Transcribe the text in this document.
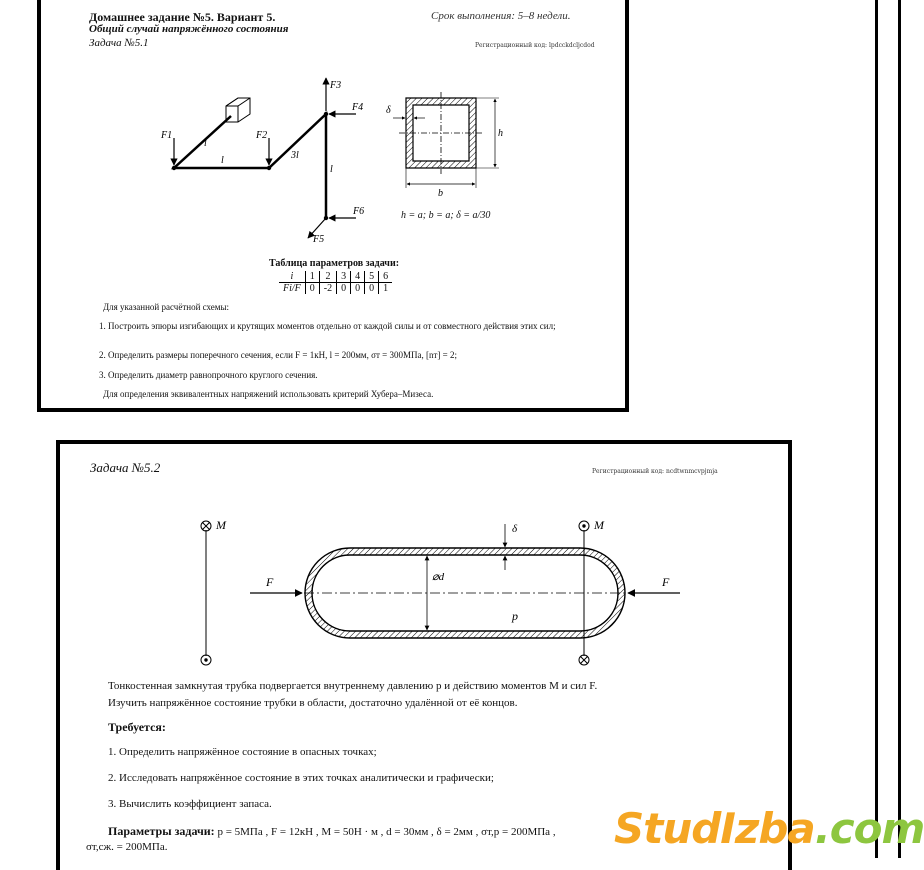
Домашнее задание №5. Вариант 5.
Общий случай напряжённого состояния
Срок выполнения: 5–8 недели.
Задача №5.1	Регистрационный код: lpdcckdcljcdod
F1	F2
F3
F4
F5
F6
l
l	3l
l
h
b
δ
h = a; b = a; δ = a/30
Таблица параметров задачи:
i	1	2	3	4	5	6
Fi/F	0	-2	0	0	0	1
Для указанной расчётной схемы:
1. Построить эпюры изгибающих и крутящих моментов отдельно от каждой силы и от совместного действия этих сил;
2. Определить размеры поперечного сечения, если F = 1кН, l = 200мм, σт = 300МПа, [nт] = 2;
3. Определить диаметр равнопрочного круглого сечения.
Для определения эквивалентных напряжений использовать критерий Хубера–Мизеса.
Задача №5.2	Регистрационный код: ncdtwnmcvpjmja
M	M
F	F
⌀d
δ
p
Тонкостенная замкнутая трубка подвергается внутреннему давлению p и действию моментов M и сил F.
Изучить напряжённое состояние трубки в области, достаточно удалённой от её концов.
Требуется:
1. Определить напряжённое состояние в опасных точках;
2. Исследовать напряжённое состояние в этих точках аналитически и графически;
3. Вычислить коэффициент запаса.
Параметры задачи: p = 5МПа , F = 12кН , M = 50Н · м , d = 30мм , δ = 2мм , σт,р = 200МПа ,
σт,сж. = 200МПа.	StudIzba.com
